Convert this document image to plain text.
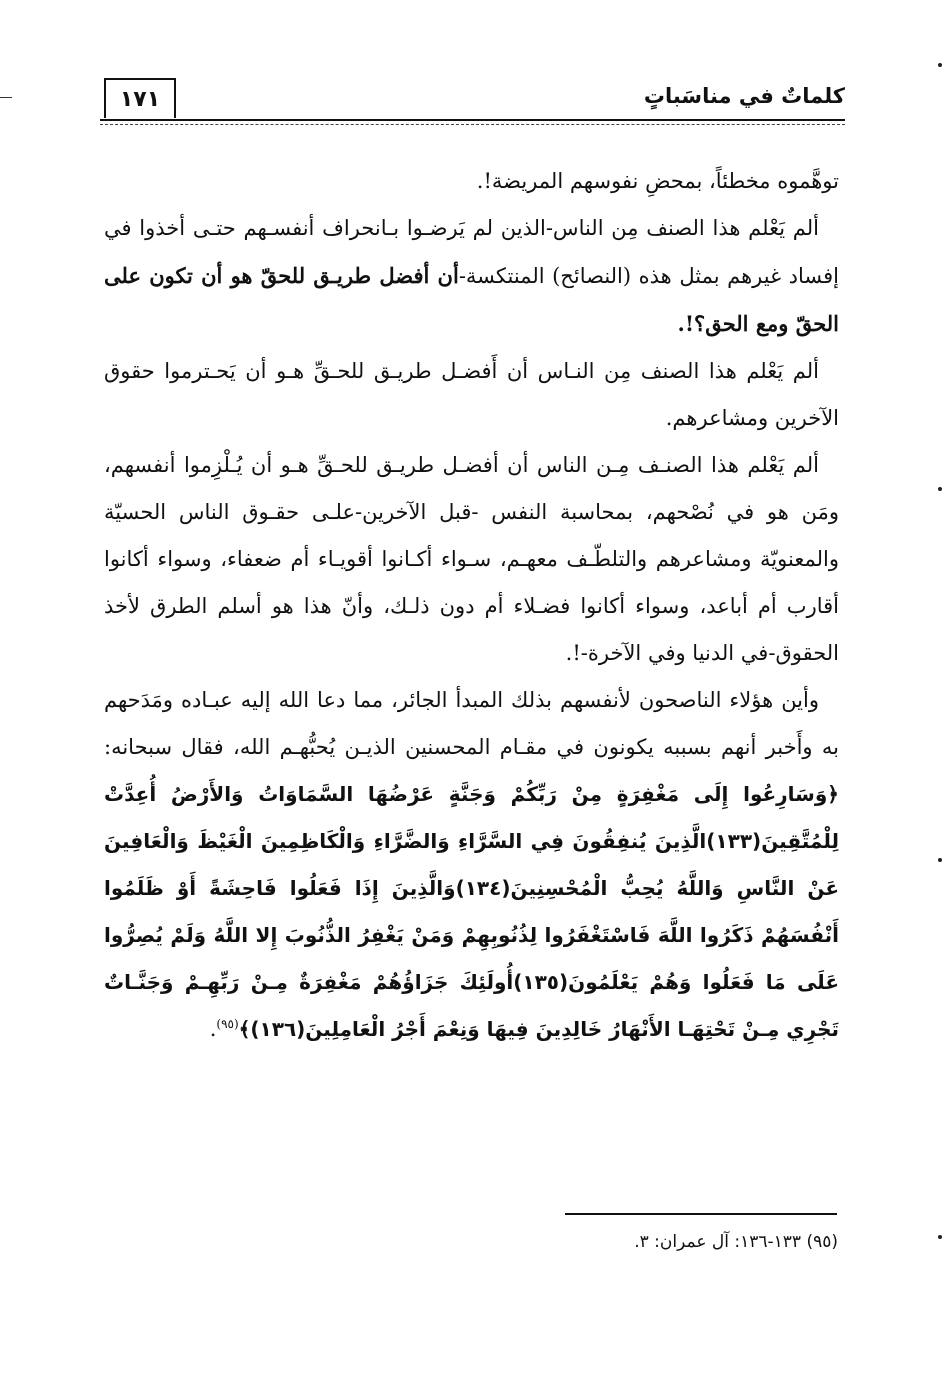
١٧١	كلماتٌ في مناسَباتٍ

توهَّموه مخطئاً، بمحضِ نفوسهم المريضة!.

ألم يَعْلم هذا الصنف مِن الناس-الذين لم يَرضـوا بـانحراف أنفسـهم حتـى أخذوا في إفساد غيرهم بمثل هذه (النصائح) المنتكسة-أن أفضل طريـق للحقّ هو أن تكون على الحقّ ومع الحق؟!.

ألم يَعْلم هذا الصنف مِن النـاس أن أَفضـل طريـق للحـقِّ هـو أن يَحـترموا حقوق الآخرين ومشاعرهم.

ألم يَعْلم هذا الصنـف مِـن الناس أن أفضـل طريـق للحـقِّ هـو أن يُـلْزِموا أنفسهم، ومَن هو في نُصْحهم، بمحاسبة النفس -قبل الآخرين-علـى حقـوق الناس الحسيّة والمعنويّة ومشاعرهم والتلطّـف معهـم، سـواء أكـانوا أقويـاء أم ضعفاء، وسواء أكانوا أقارب أم أباعد، وسواء أكانوا فضـلاء أم دون ذلـك، وأنّ هذا هو أسلم الطرق لأخذ الحقوق-في الدنيا وفي الآخرة-!.

وأين هؤلاء الناصحون لأنفسهم بذلك المبدأ الجائر، مما دعا الله إليه عبـاده ومَدَحهم به وأَخبر أنهم بسببه يكونون في مقـام المحسنين الذيـن يُحبُّهـم الله، فقال سبحانه: ﴿وَسَارِعُوا إِلَى مَغْفِرَةٍ مِنْ رَبِّكُمْ وَجَنَّةٍ عَرْضُهَا السَّمَاوَاتُ وَالأَرْضُ أُعِدَّتْ لِلْمُتَّقِينَ(١٣٣)الَّذِينَ يُنفِقُونَ فِي السَّرَّاءِ وَالضَّرَّاءِ وَالْكَاظِمِينَ الْغَيْظَ وَالْعَافِينَ عَنْ النَّاسِ وَاللَّهُ يُحِبُّ الْمُحْسِنِينَ(١٣٤)وَالَّذِينَ إِذَا فَعَلُوا فَاحِشَةً أَوْ ظَلَمُوا أَنْفُسَهُمْ ذَكَرُوا اللَّهَ فَاسْتَغْفَرُوا لِذُنُوبِهِمْ وَمَنْ يَغْفِرُ الذُّنُوبَ إِلا اللَّهُ وَلَمْ يُصِرُّوا عَلَى مَا فَعَلُوا وَهُمْ يَعْلَمُونَ(١٣٥)أُولَئِكَ جَزَاؤُهُمْ مَغْفِرَةٌ مِـنْ رَبِّهِـمْ وَجَنَّـاتٌ تَجْرِي مِـنْ تَحْتِهَـا الأَنْهَارُ خَالِدِينَ فِيهَا وَنِعْمَ أَجْرُ الْعَامِلِينَ(١٣٦)﴾$^{(٩٥)}$.

(٩٥) ١٣٣-١٣٦: آل عمران: ٣.
